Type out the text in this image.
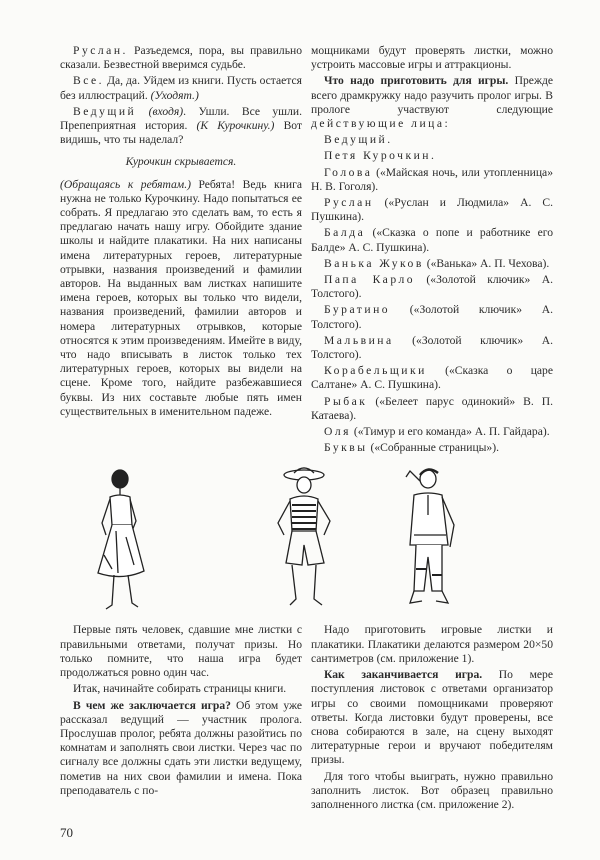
Руслан. Разъедемся, пора, вы правильно сказали. Безвестной вверимся судьбе.

Все. Да, да. Уйдем из книги. Пусть остается без иллюстраций. (Уходят.)

Ведущий (входя). Ушли. Все ушли. Препеприятная история. (К Курочкину.) Вот видишь, что ты наделал?

Курочкин скрывается.

(Обращаясь к ребятам.) Ребята! Ведь книга нужна не только Курочкину. Надо попытаться ее собрать. Я предлагаю это сделать вам, то есть я предлагаю начать нашу игру. Обойдите здание школы и найдите плакатики. На них написаны имена литературных героев, литературные отрывки, названия произведений и фамилии авторов. На выданных вам листках напишите имена героев, которых вы только что видели, названия произведений, фамилии авторов и номера литературных отрывков, которые относятся к этим произведениям. Имейте в виду, что надо вписывать в листок только тех литературных героев, которых вы видели на сцене. Кроме того, найдите разбежавшиеся буквы. Из них составьте любые пять имен существительных в именительном падеже.

мощниками будут проверять листки, можно устроить массовые игры и аттракционы.

Что надо приготовить для игры. Прежде всего драмкружку надо разучить пролог игры. В прологе участвуют следующие действующие лица:

Ведущий.

Петя Курочкин.

Голова («Майская ночь, или утопленница» Н. В. Гоголя).

Руслан («Руслан и Людмила» А. С. Пушкина).

Балда («Сказка о попе и работнике его Балде» А. С. Пушкина).

Ванька Жуков («Ванька» А. П. Чехова).

Папа Карло («Золотой ключик» А. Толстого).

Буратино («Золотой ключик» А. Толстого).

Мальвина («Золотой ключик» А. Толстого).

Корабельщики («Сказка о царе Салтане» А. С. Пушкина).

Рыбак («Белеет парус одинокий» В. П. Катаева).

Оля («Тимур и его команда» А. П. Гайдара).

Буквы («Собранные страницы»).

Первые пять человек, сдавшие мне листки с правильными ответами, получат призы. Но только помните, что наша игра будет продолжаться ровно один час.

Итак, начинайте собирать страницы книги.

В чем же заключается игра? Об этом уже рассказал ведущий — участник пролога. Прослушав пролог, ребята должны разойтись по комнатам и заполнять свои листки. Через час по сигналу все должны сдать эти листки ведущему, пометив на них свои фамилии и имена. Пока преподаватель с по-

Надо приготовить игровые листки и плакатики. Плакатики делаются размером 20×50 сантиметров (см. приложение 1).

Как заканчивается игра. По мере поступления листовок с ответами организатор игры со своими помощниками проверяют ответы. Когда листовки будут проверены, все снова собираются в зале, на сцену выходят литературные герои и вручают победителям призы.

Для того чтобы выиграть, нужно правильно заполнить листок. Вот образец правильно заполненного листка (см. приложение 2).

70
